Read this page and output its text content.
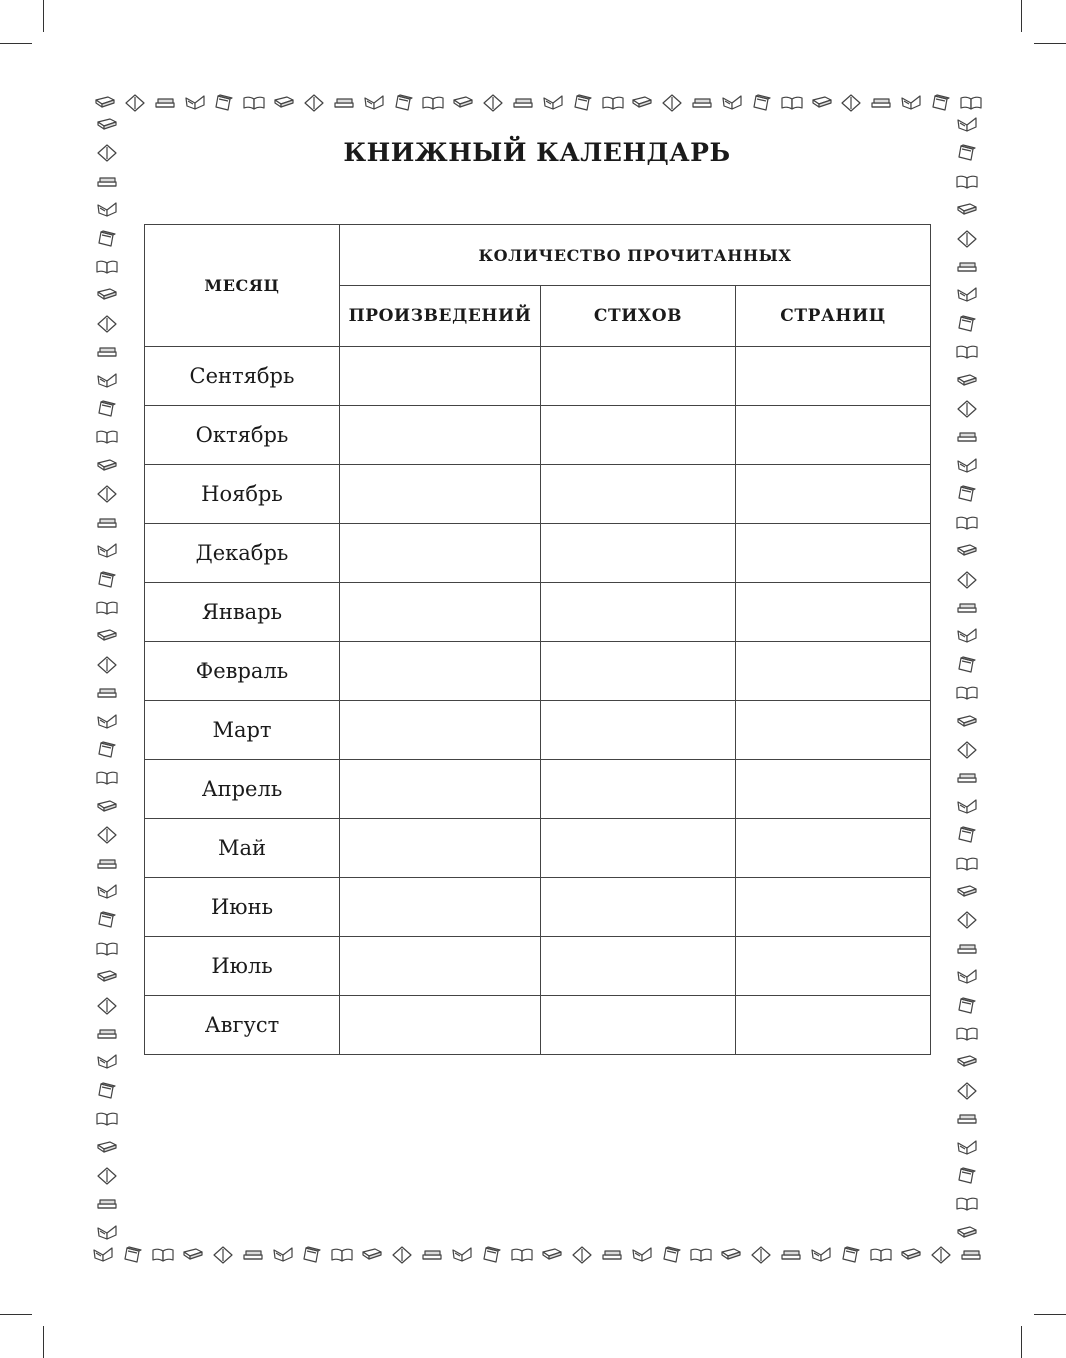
КНИЖНЫЙ КАЛЕНДАРЬ
МЕСЯЦ	КОЛИЧЕСТВО ПРОЧИТАННЫХ		
	ПРОИЗВЕДЕНИЙ	СТИХОВ	СТРАНИЦ
Сентябрь			
Октябрь			
Ноябрь			
Декабрь			
Январь			
Февраль			
Март			
Апрель			
Май			
Июнь			
Июль			
Август			
